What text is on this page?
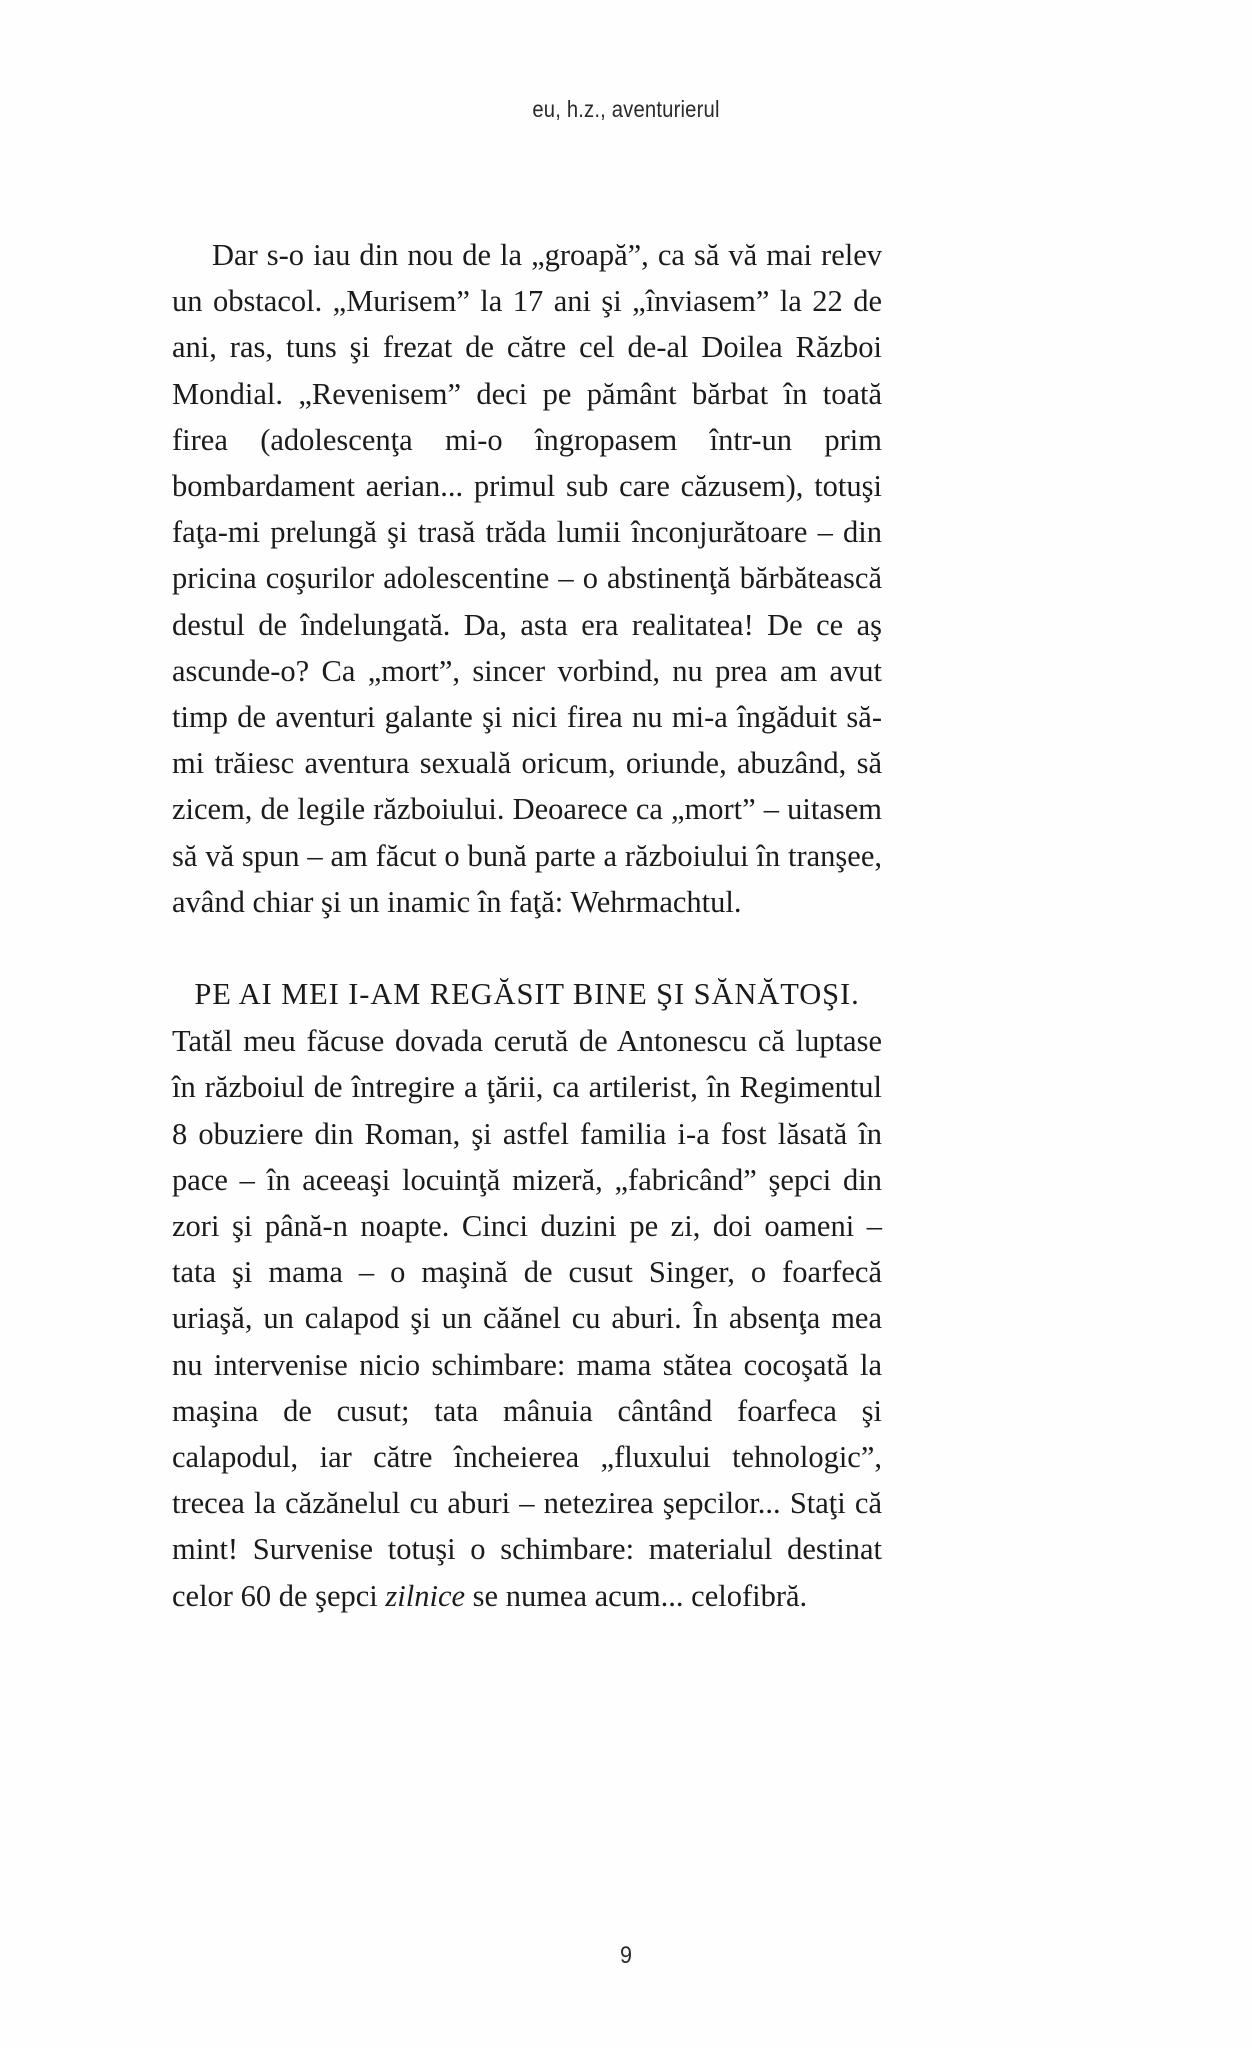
eu, h.z., aventurierul

Dar s-o iau din nou de la „groapă”, ca să vă mai relev un obstacol. „Murisem” la 17 ani şi „înviasem” la 22 de ani, ras, tuns şi frezat de către cel de-al Doilea Război Mondial. „Revenisem” deci pe pământ bărbat în toată firea (adolescenţa mi-o îngropasem într-un prim bombardament aerian... primul sub care căzusem), totuşi faţa-mi prelungă şi trasă trăda lumii înconjurătoare – din pricina coşurilor adolescentine – o abstinenţă bărbătească destul de îndelungată. Da, asta era realitatea! De ce aş ascunde-o? Ca „mort”, sincer vorbind, nu prea am avut timp de aventuri galante şi nici firea nu mi-a îngăduit să-mi trăiesc aventura sexuală oricum, oriunde, abuzând, să zicem, de legile războiului. Deoarece ca „mort” – uitasem să vă spun – am făcut o bună parte a războiului în tranşee, având chiar şi un inamic în faţă: Wehrmachtul.

PE AI MEI I-AM REGĂSIT BINE ŞI SĂNĂTOŞI.

Tatăl meu făcuse dovada cerută de Antonescu că luptase în războiul de întregire a ţării, ca artilerist, în Regimentul 8 obuziere din Roman, şi astfel familia i-a fost lăsată în pace – în aceeaşi locuinţă mizeră, „fabricând” şepci din zori şi până-n noapte. Cinci duzini pe zi, doi oameni – tata şi mama – o maşină de cusut Singer, o foarfecă uriaşă, un calapod şi un căănel cu aburi. În absenţa mea nu intervenise nicio schimbare: mama stătea cocoşată la maşina de cusut; tata mânuia cântând foarfeca şi calapodul, iar către încheierea „fluxului tehnologic”, trecea la căzănelul cu aburi – netezirea şepcilor... Staţi că mint! Survenise totuşi o schimbare: materialul destinat celor 60 de şepci zilnice se numea acum... celofibră.

9
